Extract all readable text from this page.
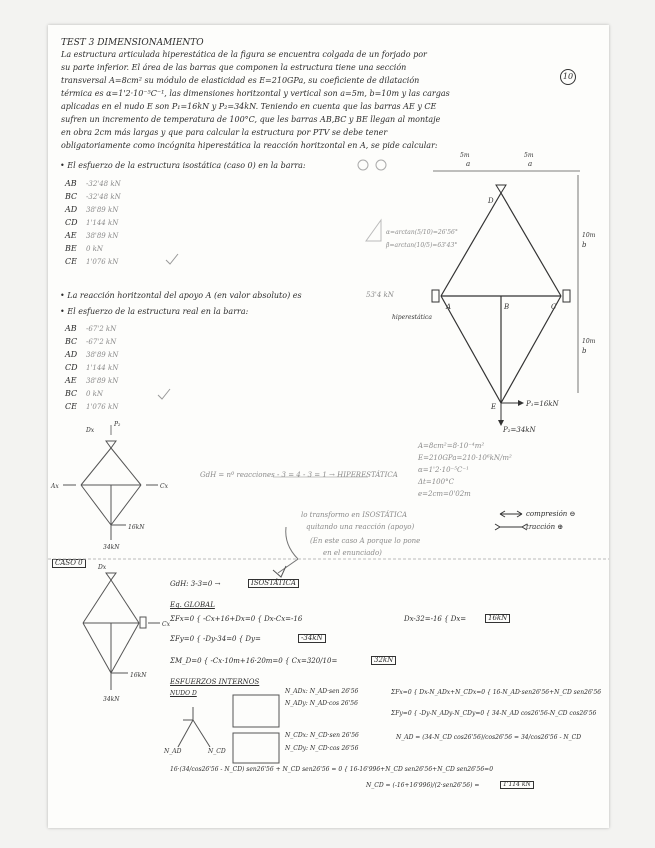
TEST 3 DIMENSIONAMIENTO
10
La estructura articulada hiperestática de la figura se encuentra colgada de un forjado por
su parte inferior. El área de las barras que componen la estructura tiene una sección
transversal A=8cm² su módulo de elasticidad es E=210GPa, su coeficiente de dilatación
térmica es α=1'2·10⁻⁵C⁻¹, las dimensiones horitzontal y vertical son a=5m, b=10m y las cargas
aplicadas en el nudo E son P₁=16kN y P₂=34kN. Teniendo en cuenta que las barras AE y CE
sufren un incremento de temperatura de 100°C, que les barras AB,BC y BE llegan al montaje
en obra 2cm más largas y que para calcular la estructura por PTV se debe tener
obligatoriamente como incógnita hiperestática la reacción horitzontal en A, se pide calcular:
• El esfuerzo de la estructura isostática (caso 0) en la barra:
AB -32'48 kN
BC -32'48 kN
AD 38'89 kN
CD 1'144 kN
AE 38'89 kN
BE 0 kN
CE 1'076 kN
α=arctan(5/10)=26'56°
β=arctan(10/5)=63'43°
• La reacción horitzontal del apoyo A (en valor absoluto) es	53'4 kN
• El esfuerzo de la estructura real en la barra:
AB -67'2 kN
BC -67'2 kN
AD 38'89 kN
CD 1'144 kN
AE 38'89 kN
BC 0 kN
CE 1'076 kN
A=8cm²=8·10⁻⁴m²
E=210GPa=210·10⁶kN/m²
α=1'2·10⁻⁵C⁻¹
Δt=100°C
e=2cm=0'02m
compresión ⊖
tracción ⊕
GdH = nº reacciones - 3 = 4 - 3 = 1 → HIPERESTÁTICA
lo transformo en ISOSTÁTICA
quitando una reacción (apoyo)
(En este caso A porque lo pone
en el enunciado)
CASO 0
GdH: 3-3=0 →	ISOSTÁTICA
Eq. GLOBAL
ΣFx=0 { -Cx+16+Dx=0 { Dx-Cx=-16	Dx-32=-16 { Dx=	16kN
ΣFy=0 { -Dy-34=0 { Dy=	-34kN
ΣM_D=0 { -Cx·10m+16·20m=0 { Cx=320/10=	32kN
ESFUERZOS INTERNOS
NUDO D	N_ADx: N_AD·sen 26'56
N_ADy: N_AD·cos 26'56
N_CDx: N_CD·sen 26'56
N_CDy: N_CD·cos 26'56
ΣFx=0 { Dx-N_ADx+N_CDx=0 { 16-N_AD·sen26'56+N_CD sen26'56
ΣFy=0 { -Dy-N_ADy-N_CDy=0 { 34-N_AD cos26'56-N_CD cos26'56
N_AD = (34-N_CD cos26'56)/cos26'56 = 34/cos26'56 - N_CD
16·(34/cos26'56 - N_CD) sen26'56 + N_CD sen26'56 = 0 { 16-16'996+N_CD sen26'56+N_CD sen26'56=0
N_CD = (-16+16'996)/(2·sen26'56) =	1'114 kN
a	a
5m	5m
b
10m
b
10m
D
A	B	C
E
hiperestática
P₁=16kN
P₂=34kN
Dx
P₂
Ax	Cx
16kN
34kN
Dx
Cx
16kN
34kN
N_AD	N_CD
